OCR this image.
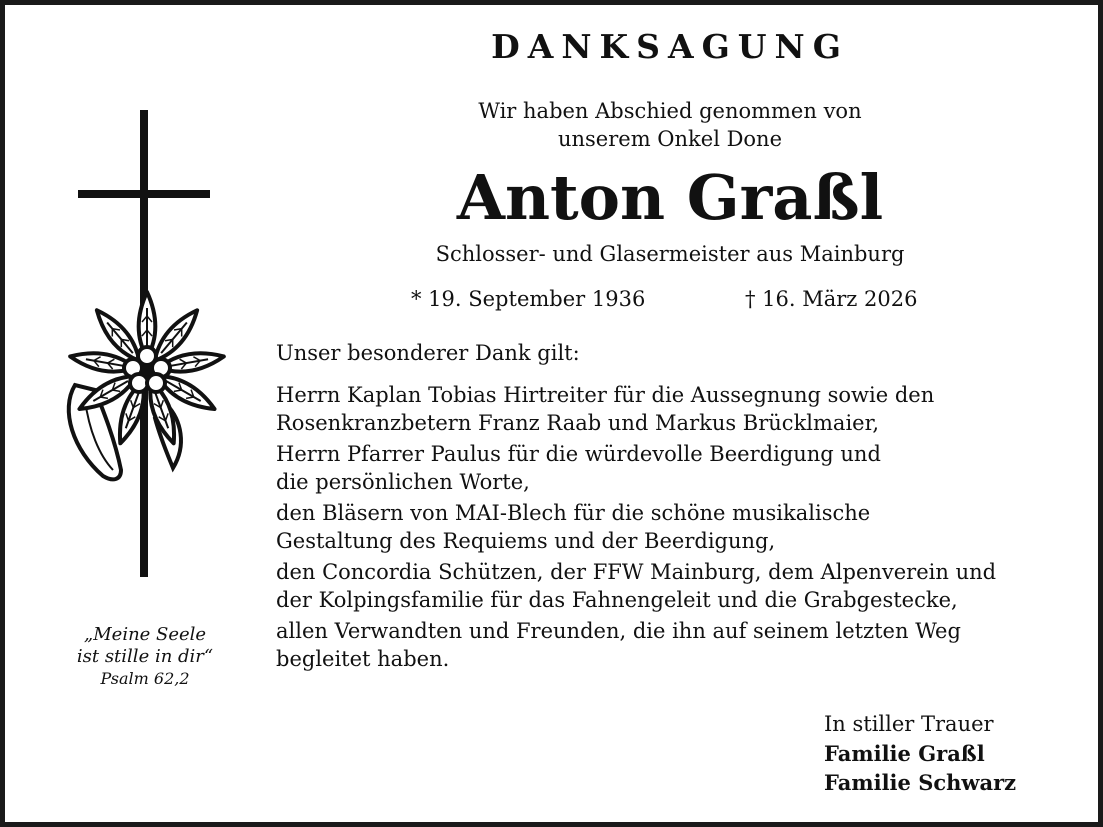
DANKSAGUNG
Wir haben Abschied genommen von
unserem Onkel Done
Anton Graßl
Schlosser- und Glasermeister aus Mainburg
* 19. September 1936	† 16. März 2026
Unser besonderer Dank gilt:
Herrn Kaplan Tobias Hirtreiter für die Aussegnung sowie den
Rosenkranzbetern Franz Raab und Markus Brücklmaier,
Herrn Pfarrer Paulus für die würdevolle Beerdigung und
die persönlichen Worte,
den Bläsern von MAI-Blech für die schöne musikalische
Gestaltung des Requiems und der Beerdigung,
den Concordia Schützen, der FFW Mainburg, dem Alpenverein und
der Kolpingsfamilie für das Fahnengeleit und die Grabgestecke,
allen Verwandten und Freunden, die ihn auf seinem letzten Weg
begleitet haben.
In stiller Trauer
Familie Graßl
Familie Schwarz
„Meine Seele
ist stille in dir“
Psalm 62,2
